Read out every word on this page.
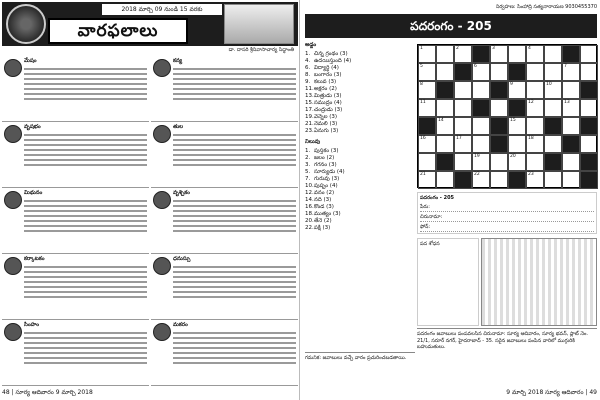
2018 మార్చి 09 నుండి 15 వరకు
వారఫలాలు
డా. దాసరి శ్రీనివాసాచార్య సిద్ధాంతి
మేషం
వృషభం
మిథునం
కర్కాటకం
సింహం
కన్య
తుల
వృశ్చికం
ధనుస్సు
మకరం
48 | సూర్య ఆదివారం 9 మార్చి 2018
నిర్వహణ: సింహాద్రి సత్యనారాయణ 9030455370
పదరంగం - 205
అడ్డం
1. చిన్న గ్రంథం (3)
4. ఉదయిస్తుంది (4)
6. విద్యార్థి (4)
8. బంగారం (3)
9. కలువ (3)
11. అక్షరం (2)
13. మిత్రుడు (3)
15. సముద్రం (4)
17. చంద్రుడు (3)
19. వెన్నెల (3)
21. నెమలి (3)
23. ఏనుగు (3)
నిలువు
1. పుస్తకం (3)
2. జలం (2)
3. గగనం (3)
5. సూర్యుడు (4)
7. గురువు (3)
10. పుష్పం (4)
12. వనం (2)
14. నది (3)
16. కొండ (3)
18. ముత్యం (3)
20. తేనె (2)
22. పక్షి (3)
1	2	3	4
5	6	7
8	9	10
11	12	13
14	15
16	17	18
19	20
21	22	23
పదరంగం - 205
పేరు:
చిరునామా:
ఫోన్:
పద శోధన
పదరంగం జవాబులు పంపవలసిన చిరునామా: సూర్య ఆదివారం, సూర్య భవన్, ప్లాట్ నెం. 21/1, సరూర్ నగర్, హైదరాబాద్ - 35. సరైన జవాబులు పంపిన వారిలో ముగ్గురికి బహుమతులు.
గమనిక: జవాబులు వచ్చే వారం ప్రచురించబడతాయి.
9 మార్చి 2018 సూర్య ఆదివారం | 49
